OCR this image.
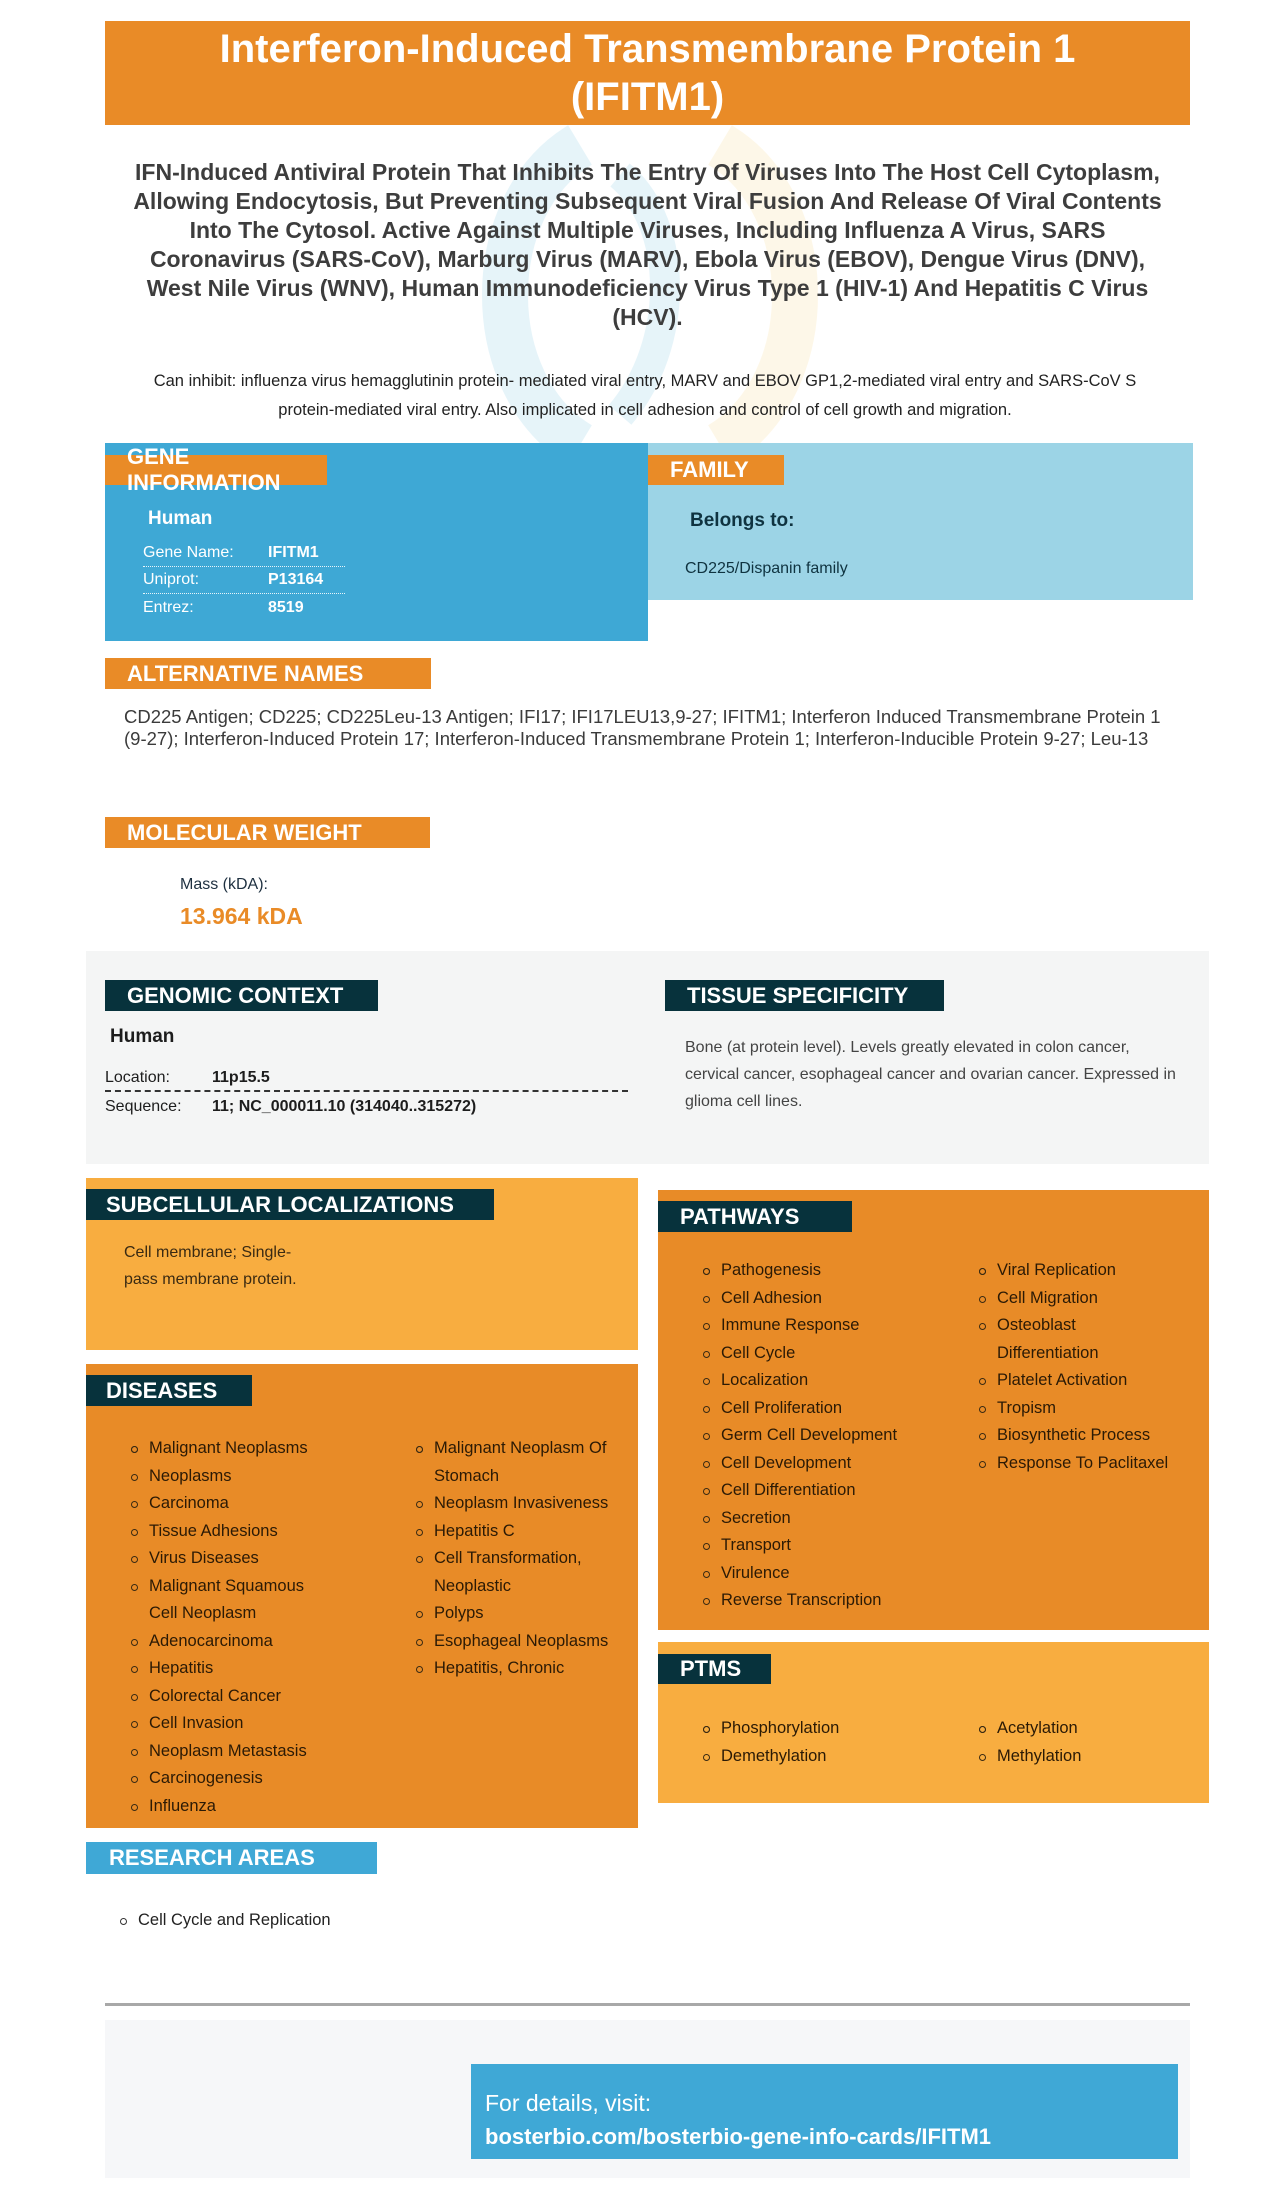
Interferon-Induced Transmembrane Protein 1 (IFITM1)
IFN-Induced Antiviral Protein That Inhibits The Entry Of Viruses Into The Host Cell Cytoplasm, Allowing Endocytosis, But Preventing Subsequent Viral Fusion And Release Of Viral Contents Into The Cytosol. Active Against Multiple Viruses, Including Influenza A Virus, SARS Coronavirus (SARS-CoV), Marburg Virus (MARV), Ebola Virus (EBOV), Dengue Virus (DNV), West Nile Virus (WNV), Human Immunodeficiency Virus Type 1 (HIV-1) And Hepatitis C Virus (HCV).
Can inhibit: influenza virus hemagglutinin protein- mediated viral entry, MARV and EBOV GP1,2-mediated viral entry and SARS-CoV S protein-mediated viral entry. Also implicated in cell adhesion and control of cell growth and migration.
GENE INFORMATION
Human
Gene Name:	IFITM1
Uniprot:	P13164
Entrez:	8519
FAMILY
Belongs to:
CD225/Dispanin family
ALTERNATIVE NAMES
CD225 Antigen; CD225; CD225Leu-13 Antigen; IFI17; IFI17LEU13,9-27; IFITM1; Interferon Induced Transmembrane Protein 1 (9-27); Interferon-Induced Protein 17; Interferon-Induced Transmembrane Protein 1; Interferon-Inducible Protein 9-27; Leu-13
MOLECULAR WEIGHT
Mass (kDA):
13.964 kDA
GENOMIC CONTEXT
Human
Location:	11p15.5
Sequence:	11; NC_000011.10 (314040..315272)
TISSUE SPECIFICITY
Bone (at protein level). Levels greatly elevated in colon cancer, cervical cancer, esophageal cancer and ovarian cancer. Expressed in glioma cell lines.
SUBCELLULAR LOCALIZATIONS
Cell membrane; Single-pass membrane protein.
DISEASES
Malignant Neoplasms
Neoplasms
Carcinoma
Tissue Adhesions
Virus Diseases
Malignant Squamous Cell Neoplasm
Adenocarcinoma
Hepatitis
Colorectal Cancer
Cell Invasion
Neoplasm Metastasis
Carcinogenesis
Influenza
Malignant Neoplasm Of Stomach
Neoplasm Invasiveness
Hepatitis C
Cell Transformation, Neoplastic
Polyps
Esophageal Neoplasms
Hepatitis, Chronic
PATHWAYS
Pathogenesis
Cell Adhesion
Immune Response
Cell Cycle
Localization
Cell Proliferation
Germ Cell Development
Cell Development
Cell Differentiation
Secretion
Transport
Virulence
Reverse Transcription
Viral Replication
Cell Migration
Osteoblast Differentiation
Platelet Activation
Tropism
Biosynthetic Process
Response To Paclitaxel
PTMS
Phosphorylation
Demethylation
Acetylation
Methylation
RESEARCH AREAS
Cell Cycle and Replication
For details, visit:
bosterbio.com/bosterbio-gene-info-cards/IFITM1
